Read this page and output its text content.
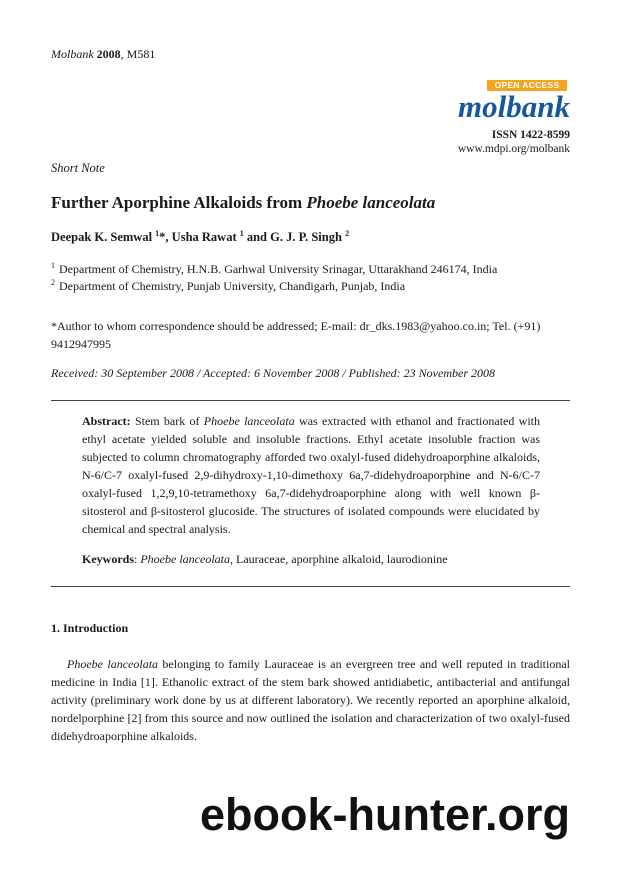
Molbank 2008, M581
OPEN ACCESS
molbank
ISSN 1422-8599
www.mdpi.org/molbank
Short Note
Further Aporphine Alkaloids from Phoebe lanceolata
Deepak K. Semwal $^1$*, Usha Rawat $^1$ and G. J. P. Singh $^2$
$^1$ Department of Chemistry, H.N.B. Garhwal University Srinagar, Uttarakhand 246174, India
$^2$ Department of Chemistry, Punjab University, Chandigarh, Punjab, India
*Author to whom correspondence should be addressed; E-mail: dr_dks.1983@yahoo.co.in; Tel. (+91) 9412947995
Received: 30 September 2008 / Accepted: 6 November 2008 / Published: 23 November 2008
Abstract: Stem bark of Phoebe lanceolata was extracted with ethanol and fractionated with ethyl acetate yielded soluble and insoluble fractions. Ethyl acetate insoluble fraction was subjected to column chromatography afforded two oxalyl-fused didehydroaporphine alkaloids, N-6/C-7 oxalyl-fused 2,9-dihydroxy-1,10-dimethoxy 6a,7-didehydroaporphine and N-6/C-7 oxalyl-fused 1,2,9,10-tetramethoxy 6a,7-didehydroaporphine along with well known β-sitosterol and β-sitosterol glucoside. The structures of isolated compounds were elucidated by chemical and spectral analysis.
Keywords: Phoebe lanceolata, Lauraceae, aporphine alkaloid, laurodionine
1. Introduction
Phoebe lanceolata belonging to family Lauraceae is an evergreen tree and well reputed in traditional medicine in India [1]. Ethanolic extract of the stem bark showed antidiabetic, antibacterial and antifungal activity (preliminary work done by us at different laboratory). We recently reported an aporphine alkaloid, nordelporphine [2] from this source and now outlined the isolation and characterization of two oxalyl-fused didehydroaporphine alkaloids.
ebook-hunter.org
